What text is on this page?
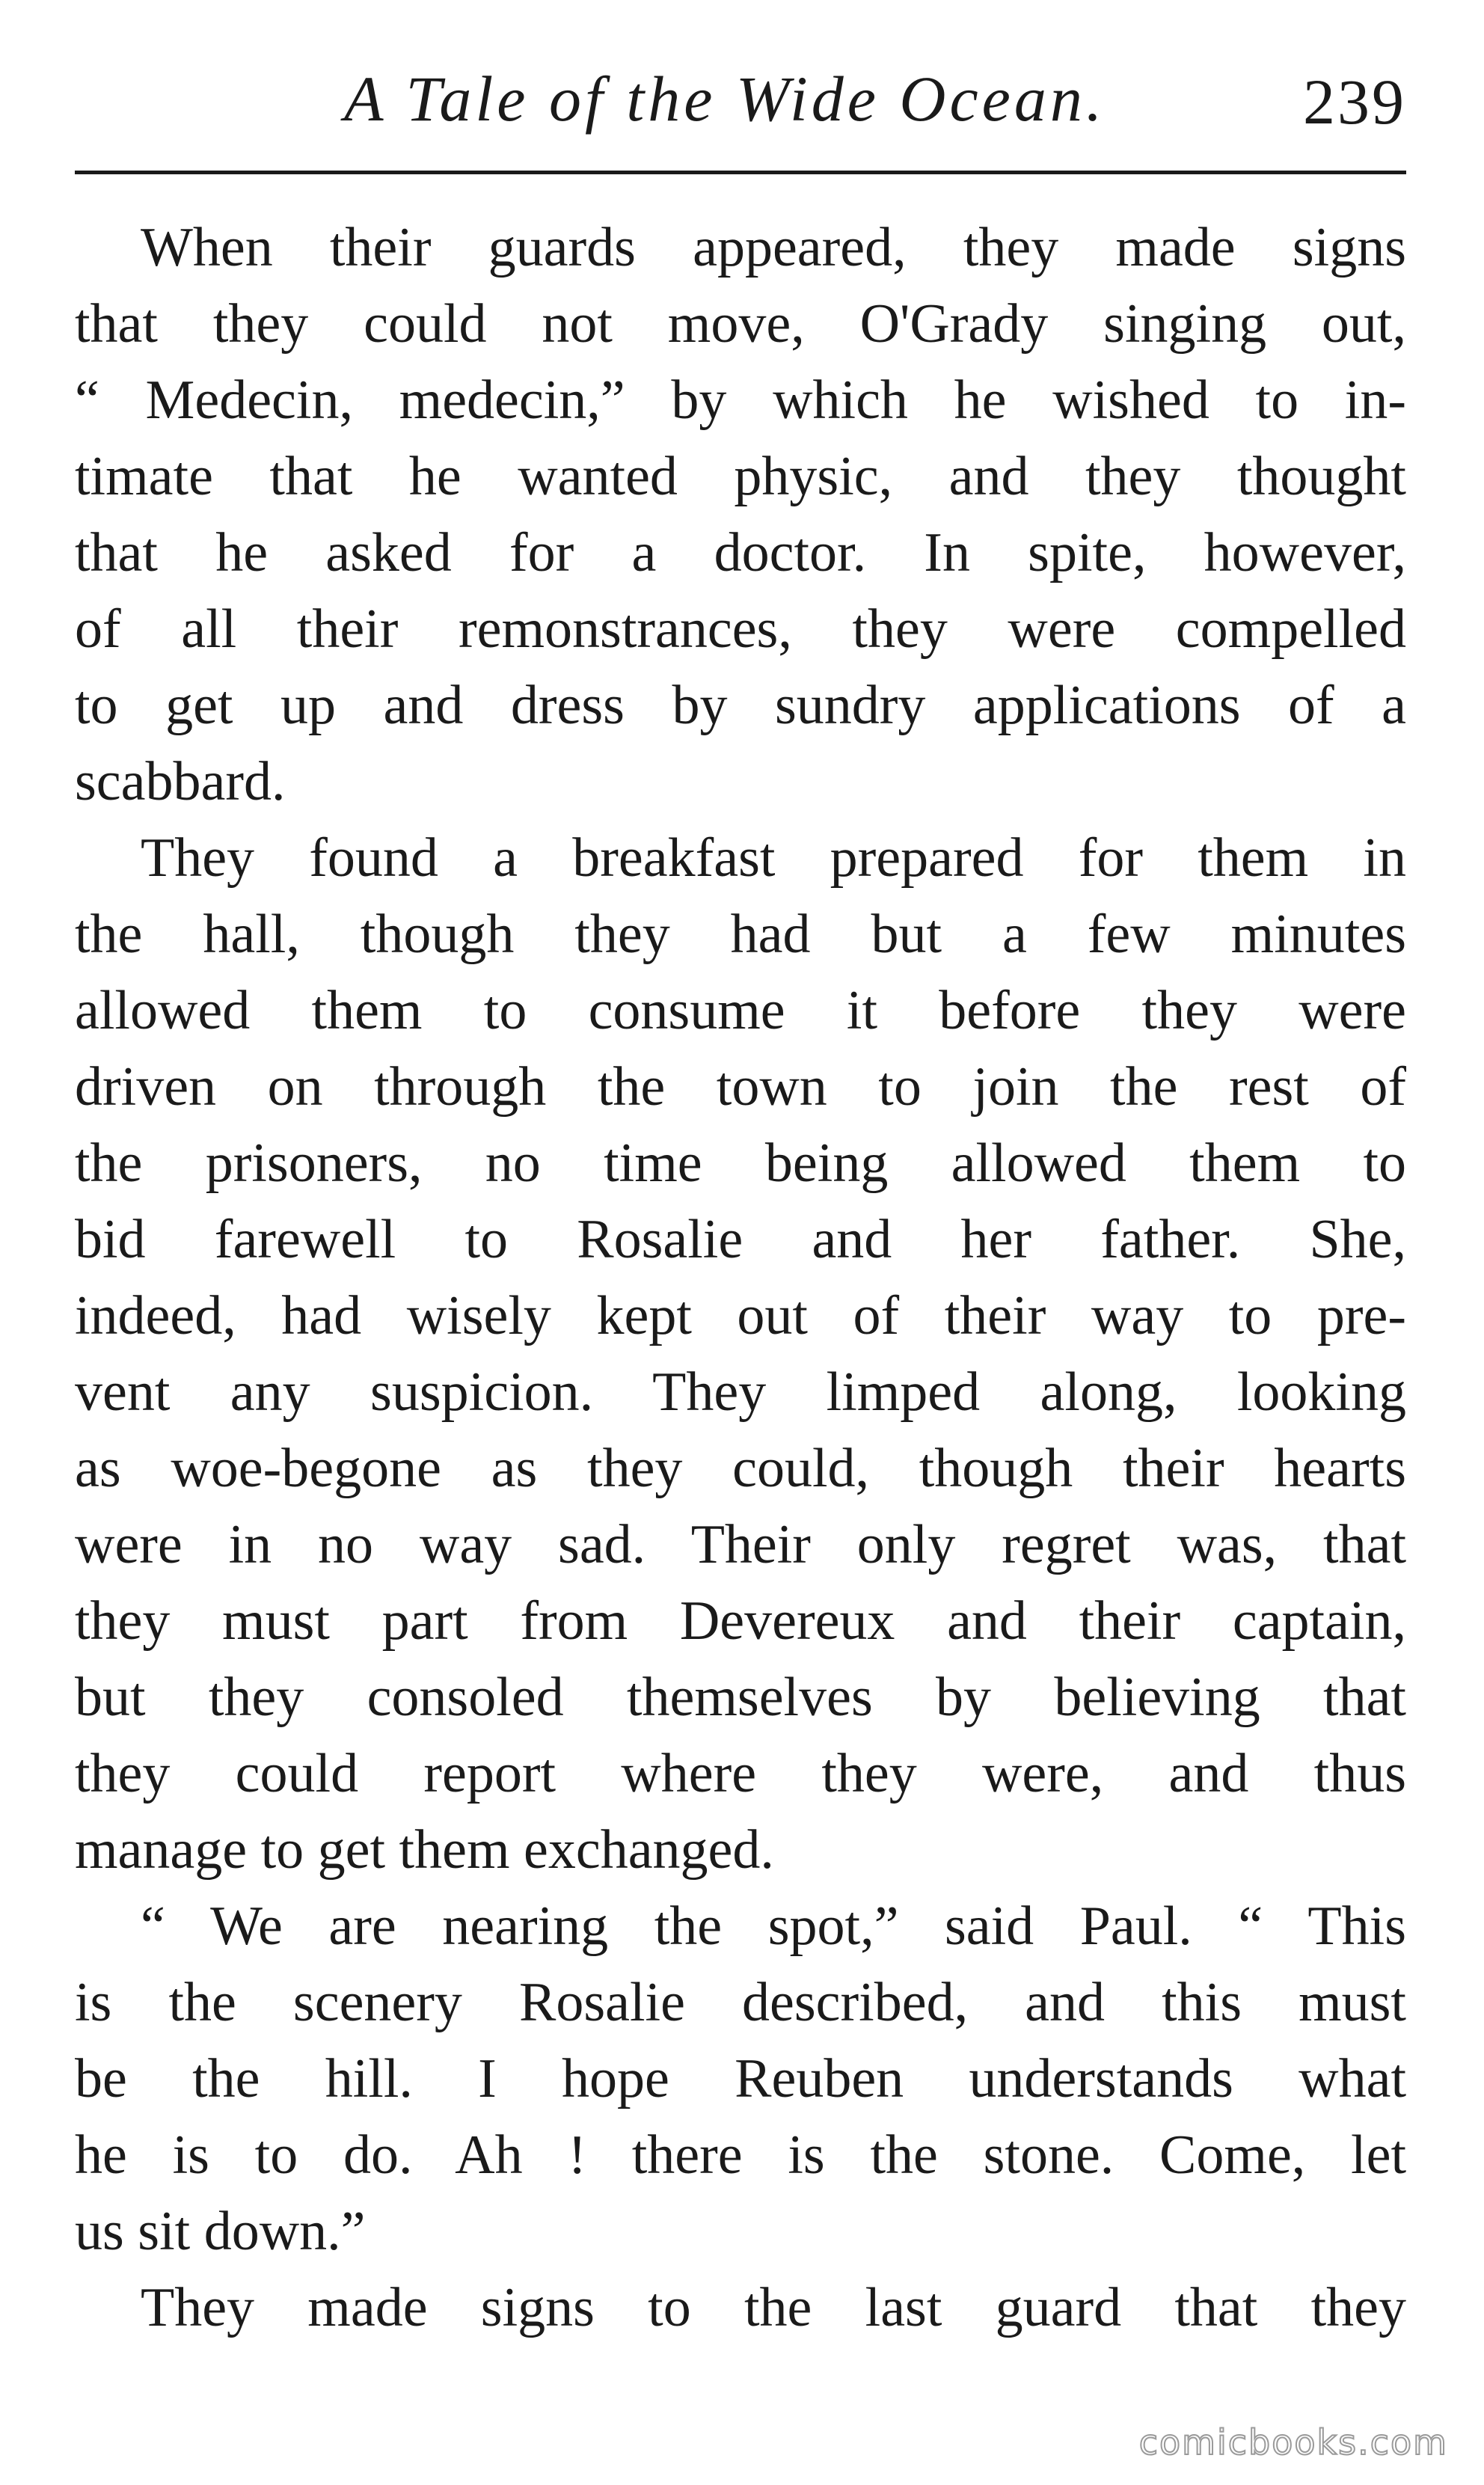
A Tale of the Wide Ocean.	239
When their guards appeared, they made signs
that they could not move, O'Grady singing out,
“ Medecin, medecin,” by which he wished to in-
timate that he wanted physic, and they thought
that he asked for a doctor. In spite, however,
of all their remonstrances, they were compelled
to get up and dress by sundry applications of a
scabbard.
They found a breakfast prepared for them in
the hall, though they had but a few minutes
allowed them to consume it before they were
driven on through the town to join the rest of
the prisoners, no time being allowed them to
bid farewell to Rosalie and her father. She,
indeed, had wisely kept out of their way to pre-
vent any suspicion. They limped along, looking
as woe-begone as they could, though their hearts
were in no way sad. Their only regret was, that
they must part from Devereux and their captain,
but they consoled themselves by believing that
they could report where they were, and thus
manage to get them exchanged.
“ We are nearing the spot,” said Paul. “ This
is the scenery Rosalie described, and this must
be the hill. I hope Reuben understands what
he is to do. Ah ! there is the stone. Come, let
us sit down.”
They made signs to the last guard that they
comicbooks.com
